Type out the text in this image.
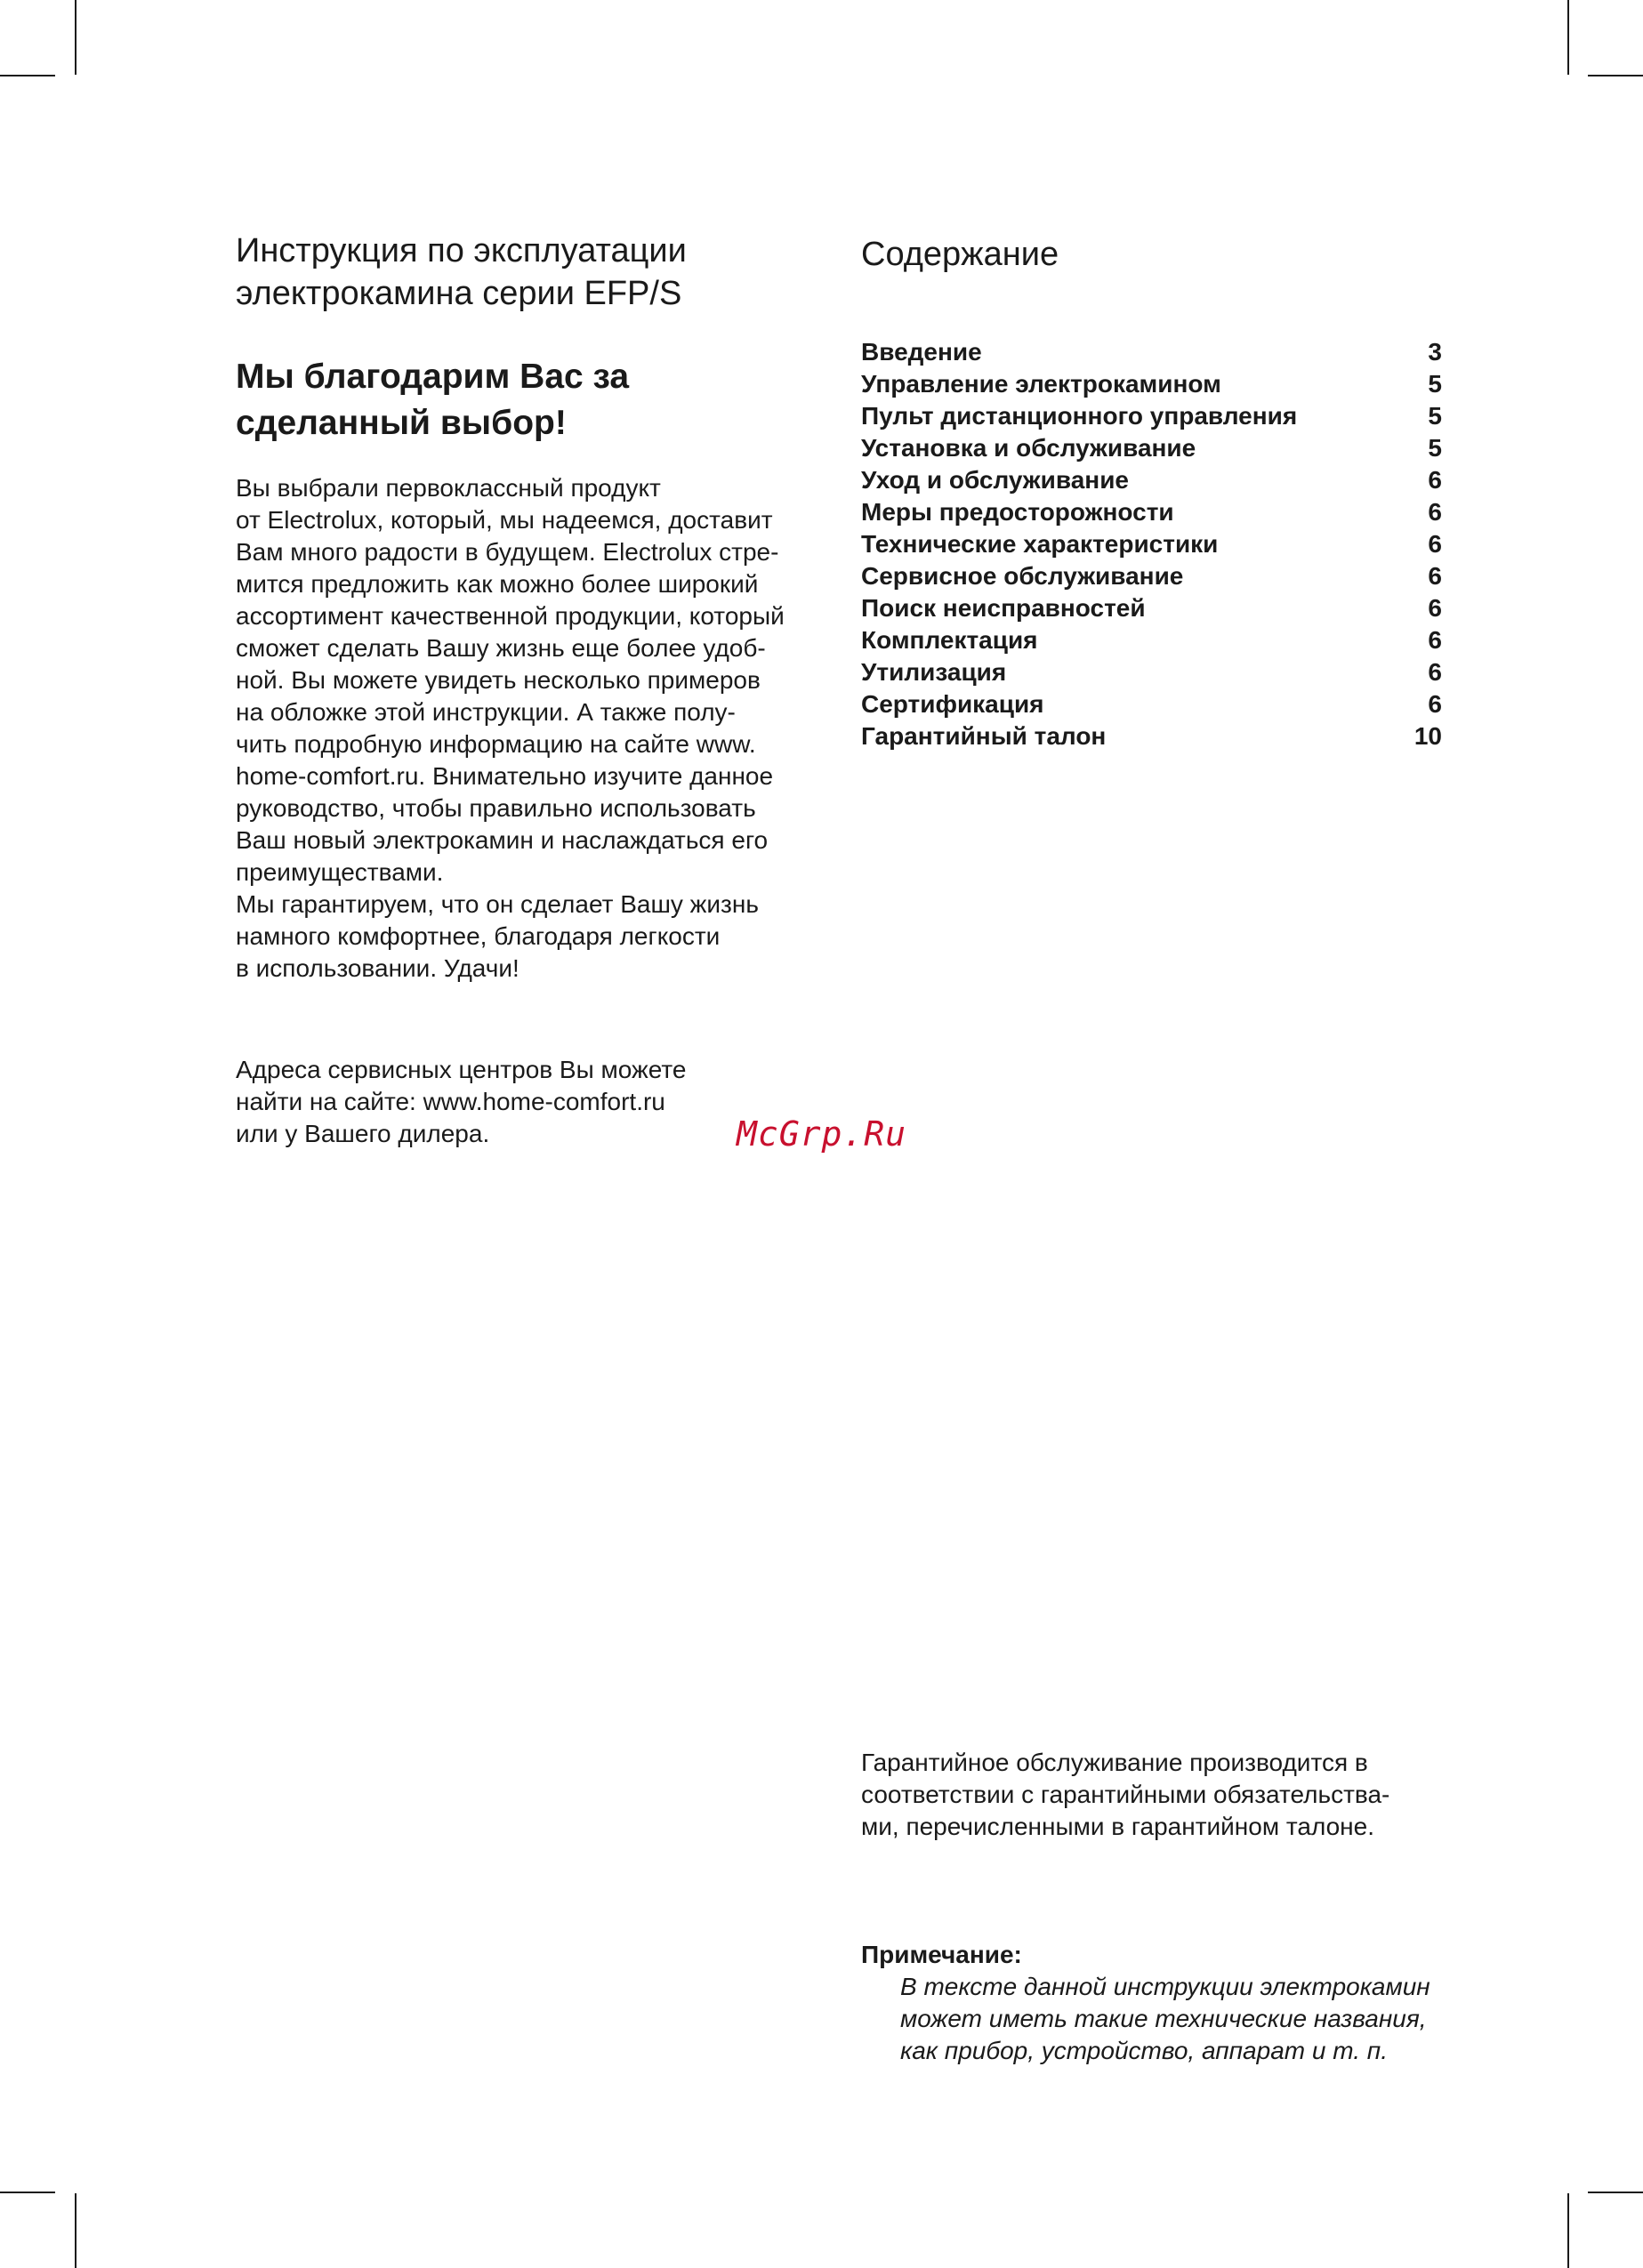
Инструкция по эксплуатации
электрокамина серии EFP/S
Мы благодарим Вас за
сделанный выбор!

Вы выбрали первоклассный продукт
от Electrolux, который, мы надеемся, доставит
Вам много радости в будущем. Electrolux стре-
мится предложить как можно более широкий
ассортимент качественной продукции, который
сможет сделать Вашу жизнь еще более удоб-
ной. Вы можете увидеть несколько примеров
на обложке этой инструкции. А также полу-
чить подробную информацию на сайте www.
home-comfort.ru. Внимательно изучите данное
руководство, чтобы правильно использовать
Ваш новый электрокамин и наслаждаться его
преимуществами.
Мы гарантируем, что он сделает Вашу жизнь
намного комфортнее, благодаря легкости
в использовании. Удачи!

Адреса сервисных центров Вы можете
найти на сайте: www.home-comfort.ru
или у Вашего дилера.

Содержание
Введение	3
Управление электрокамином	5
Пульт дистанционного управления	5
Установка и обслуживание	5
Уход и обслуживание	6
Меры предосторожности	6
Технические характеристики	6
Сервисное обслуживание	6
Поиск неисправностей	6
Комплектация	6
Утилизация	6
Сертификация	6
Гарантийный талон	10
McGrp.Ru

Гарантийное обслуживание производится в
соответствии с гарантийными обязательства-
ми, перечисленными в гарантийном талоне.

Примечание:

В тексте данной инструкции электрокамин
может иметь такие технические названия,
как прибор, устройство, аппарат и т. п.
